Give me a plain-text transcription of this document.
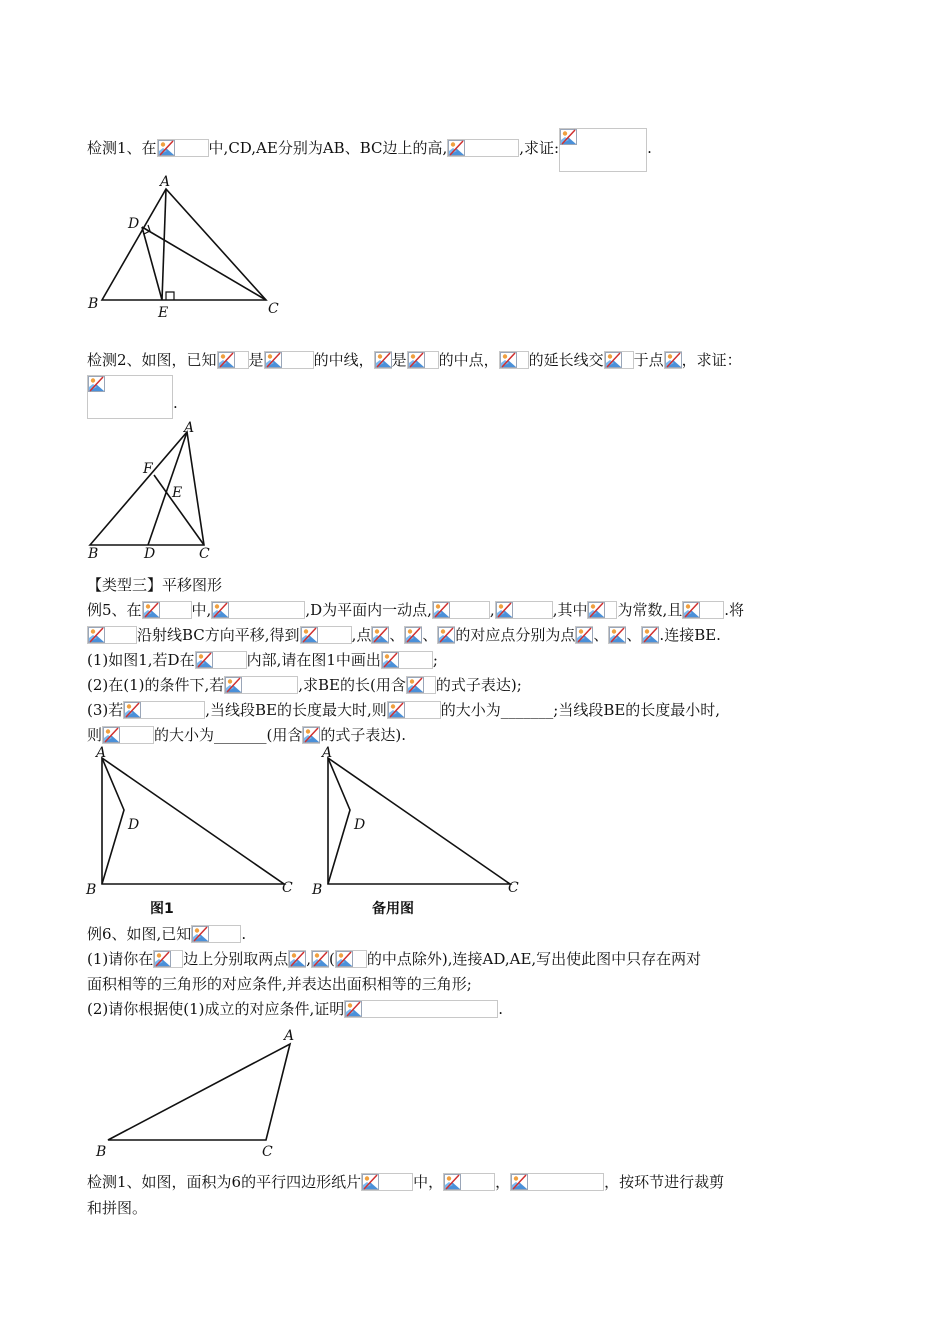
检测1、在	中,CD,AE分别为AB、BC边上的高,	,求证:	.
A
B	C
D
E
检测2、如图，已知 是	的中线， 是 的中点， 的延长线交 于点 ，求证：
.
A
B	C
D
E
F
【类型三】平移图形
例5、在	中,	,D为平面内一动点,	,	,其中 为常数,且	.将
沿射线BC方向平移,得到	,点 、 、 的对应点分别为点 、 、 .连接BE.
(1)如图1,若D在	内部,请在图1中画出	;
(2)在(1)的条件下,若	,求BE的长(用含 的式子表达);
(3)若	,当线段BE的长度最大时,则	的大小为_______;当线段BE的长度最小时,
则	的大小为_______(用含 的式子表达).
A
B	C
D
图1
A
B	C
D
备用图
例6、如图,已知	.
(1)请你在 边上分别取两点 , ( 的中点除外),连接AD,AE,写出使此图中只存在两对
面积相等的三角形的对应条件,并表达出面积相等的三角形;
(2)请你根据使(1)成立的对应条件,证明	.
A
B	C
检测1、如图，面积为6的平行四边形纸片	中，	，	，按环节进行裁剪
和拼图。
